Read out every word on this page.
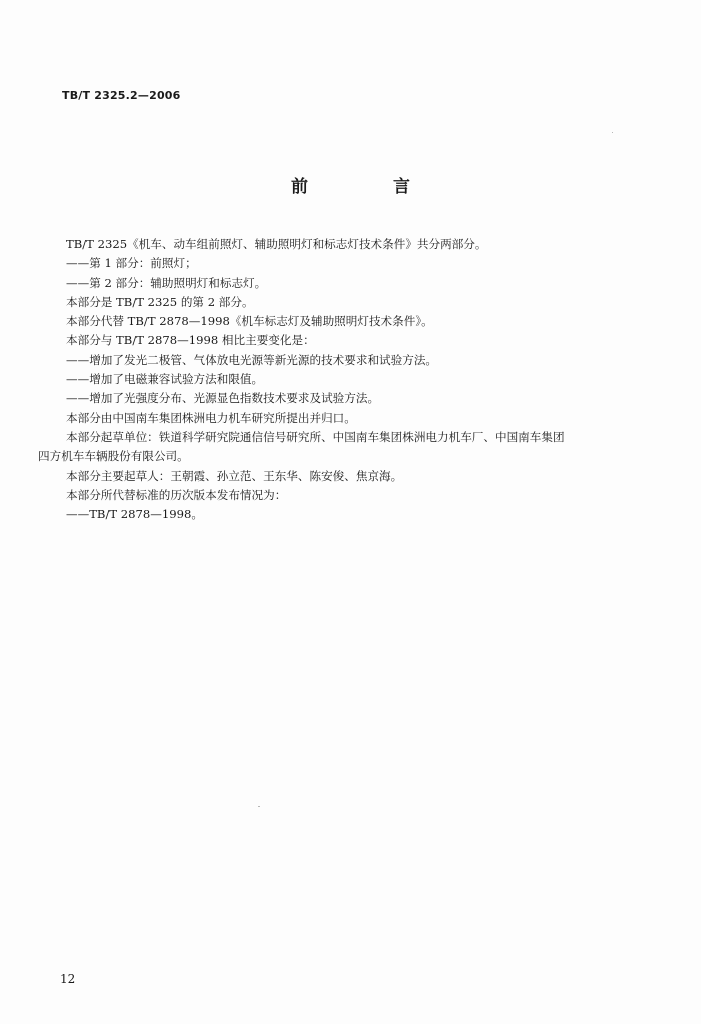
TB/T 2325.2—2006
前　言

TB/T 2325《机车、动车组前照灯、辅助照明灯和标志灯技术条件》共分两部分。

——第 1 部分：前照灯；

——第 2 部分：辅助照明灯和标志灯。

本部分是 TB/T 2325 的第 2 部分。

本部分代替 TB/T 2878—1998《机车标志灯及辅助照明灯技术条件》。

本部分与 TB/T 2878—1998 相比主要变化是：

——增加了发光二极管、气体放电光源等新光源的技术要求和试验方法。

——增加了电磁兼容试验方法和限值。

——增加了光强度分布、光源显色指数技术要求及试验方法。

本部分由中国南车集团株洲电力机车研究所提出并归口。

本部分起草单位：铁道科学研究院通信信号研究所、中国南车集团株洲电力机车厂、中国南车集团

四方机车车辆股份有限公司。

本部分主要起草人：王朝霞、孙立范、王东华、陈安俊、焦京海。

本部分所代替标准的历次版本发布情况为：

——TB/T 2878—1998。

12
